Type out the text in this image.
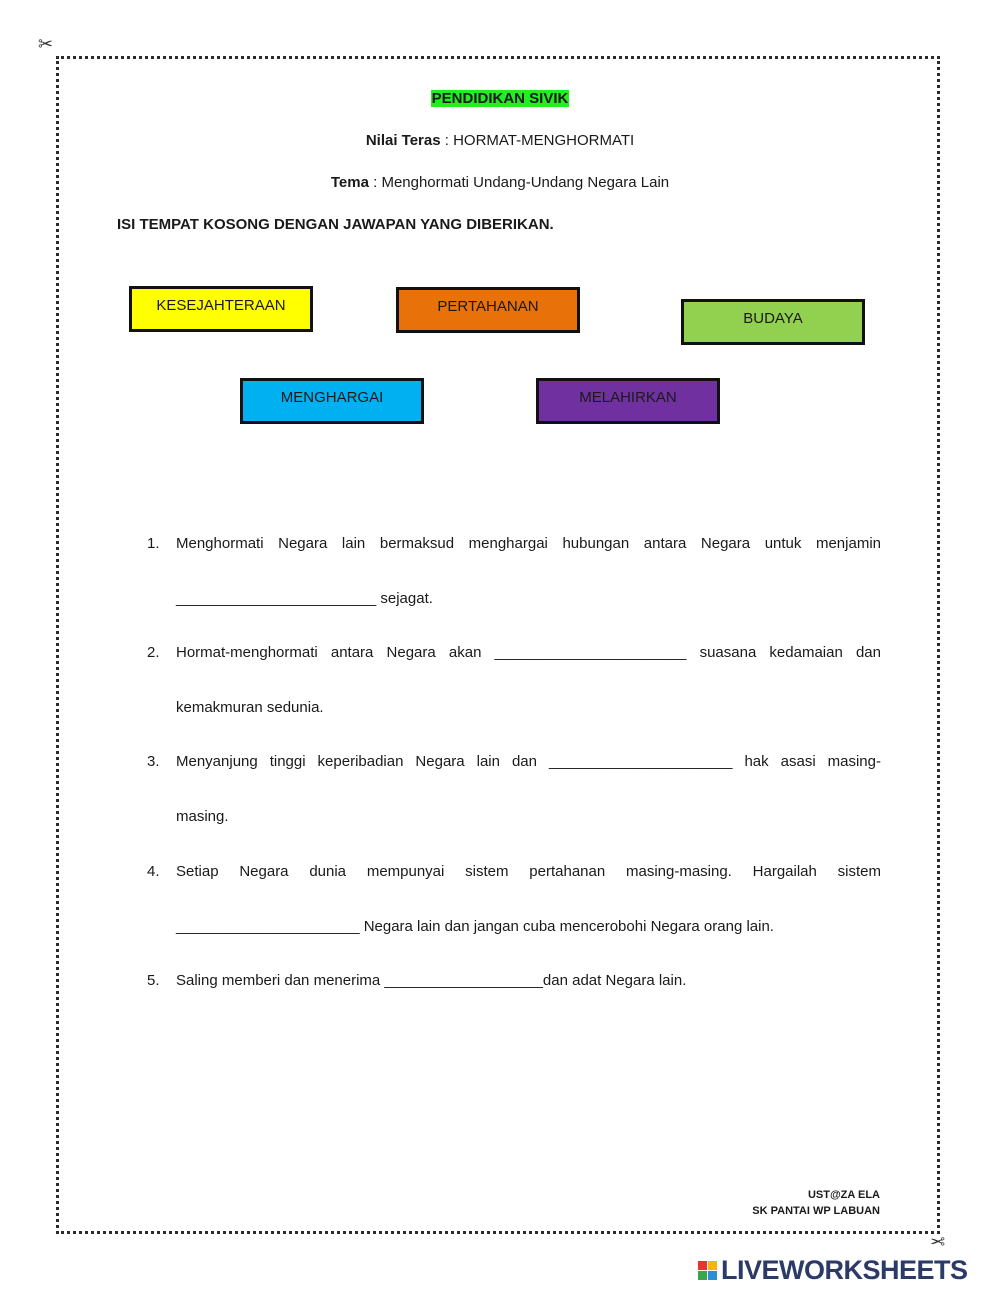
✂
✂
PENDIDIKAN SIVIK
Nilai Teras : HORMAT-MENGHORMATI
Tema : Menghormati Undang-Undang Negara Lain
ISI TEMPAT KOSONG DENGAN JAWAPAN YANG DIBERIKAN.
KESEJAHTERAAN	PERTAHANAN
BUDAYA
MENGHARGAI	MELAHIRKAN
1. Menghormati Negara lain bermaksud menghargai hubungan antara Negara untuk menjamin
________________________ sejagat.
2. Hormat-menghormati antara Negara akan _______________________ suasana kedamaian dan
kemakmuran sedunia.
3. Menyanjung tinggi keperibadian Negara lain dan ______________________ hak asasi masing-
masing.
4. Setiap Negara dunia mempunyai sistem pertahanan masing-masing. Hargailah sistem
______________________ Negara lain dan jangan cuba mencerobohi Negara orang lain.
5. Saling memberi dan menerima ___________________dan adat Negara lain.
UST@ZA ELA
SK PANTAI WP LABUAN
LIVEWORKSHEETS
